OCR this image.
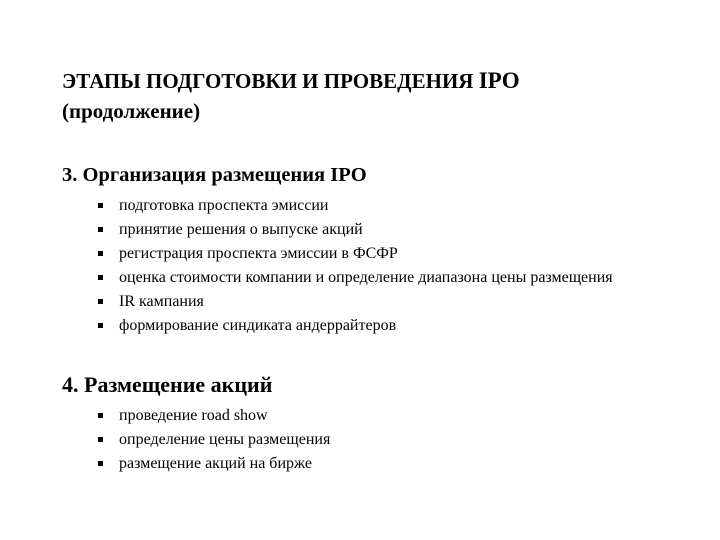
ЭТАПЫ ПОДГОТОВКИ И ПРОВЕДЕНИЯ IPO
(продолжение)
3. Организация размещения IPO
подготовка проспекта эмиссии
принятие решения о выпуске акций
регистрация проспекта эмиссии в ФСФР
оценка стоимости компании и определение диапазона цены размещения
IR кампания
формирование синдиката андеррайтеров
4. Размещение акций
проведение road show
определение цены размещения
размещение акций на бирже
